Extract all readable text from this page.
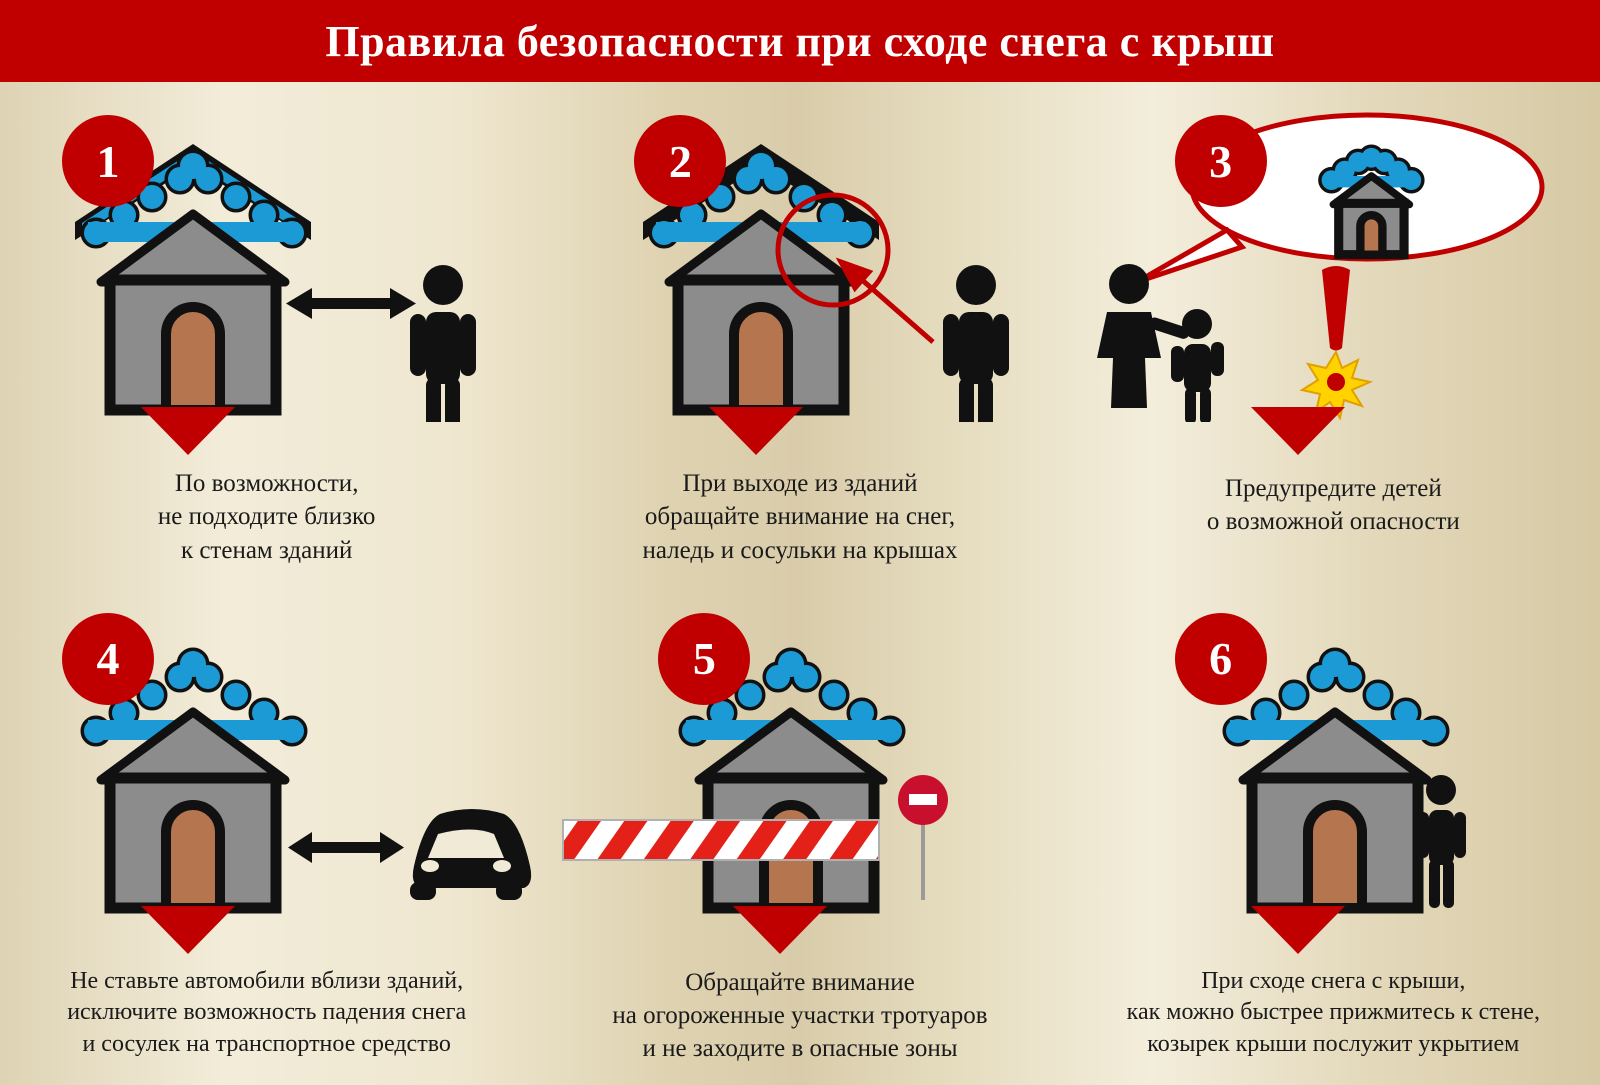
Правила безопасности при сходе снега с крыш
1
По возможности,
не подходите близко
к стенам зданий
2
При выходе из зданий
обращайте внимание на снег,
наледь и сосульки на крышах
3
Предупредите детей
о возможной опасности
4
Не ставьте автомобили вблизи зданий,
исключите возможность падения снега
и сосулек на транспортное средство
5
Обращайте внимание
на огороженные участки тротуаров
и не заходите в опасные зоны
6
При сходе снега с крыши,
как можно быстрее прижмитесь к стене,
козырек крыши послужит укрытием
